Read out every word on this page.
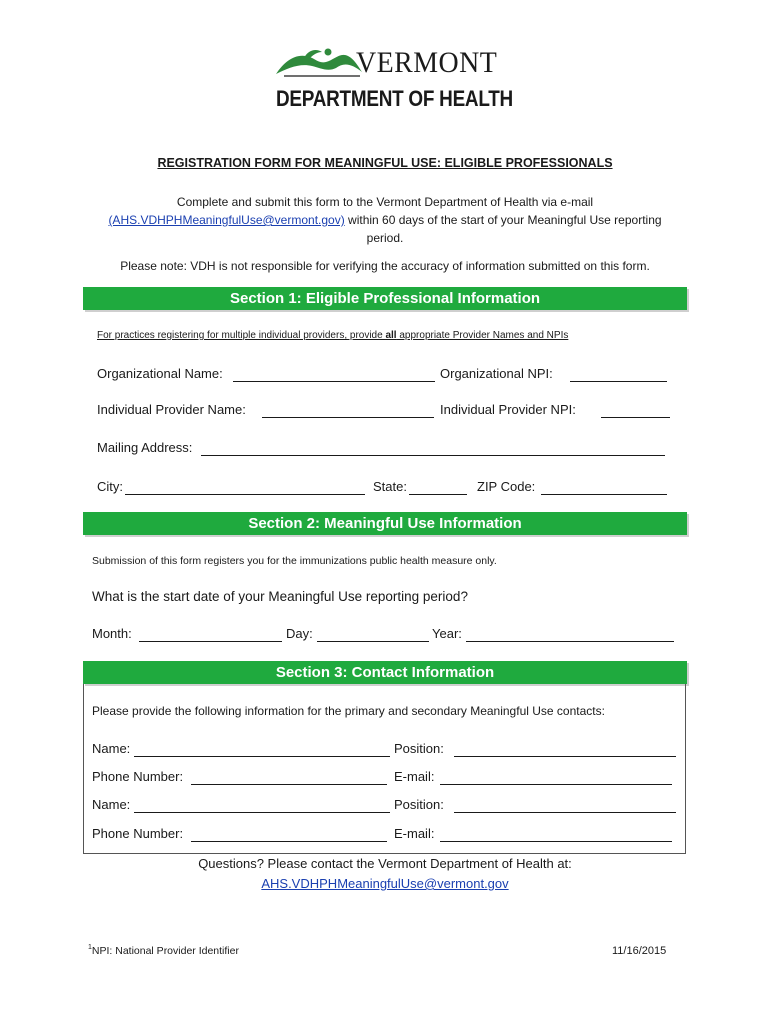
VERMONT
DEPARTMENT OF HEALTH
REGISTRATION FORM FOR MEANINGFUL USE: ELIGIBLE PROFESSIONALS
Complete and submit this form to the Vermont Department of Health via e-mail
(AHS.VDHPHMeaningfulUse@vermont.gov) within 60 days of the start of your Meaningful Use reporting
period.
Please note: VDH is not responsible for verifying the accuracy of information submitted on this form.
Section 1: Eligible Professional Information
For practices registering for multiple individual providers, provide all appropriate Provider Names and NPIs
Organizational Name:	Organizational NPI:
Individual Provider Name:	Individual Provider NPI:
Mailing Address:
City:	State:	ZIP Code:
Section 2: Meaningful Use Information
Submission of this form registers you for the immunizations public health measure only.
What is the start date of your Meaningful Use reporting period?
Month:	Day:	Year:
Section 3: Contact Information
Please provide the following information for the primary and secondary Meaningful Use contacts:
Name:	Position:
Phone Number:	E-mail:
Name:	Position:
Phone Number:	E-mail:
Questions? Please contact the Vermont Department of Health at:
AHS.VDHPHMeaningfulUse@vermont.gov
$^1$NPI: National Provider Identifier	11/16/2015
